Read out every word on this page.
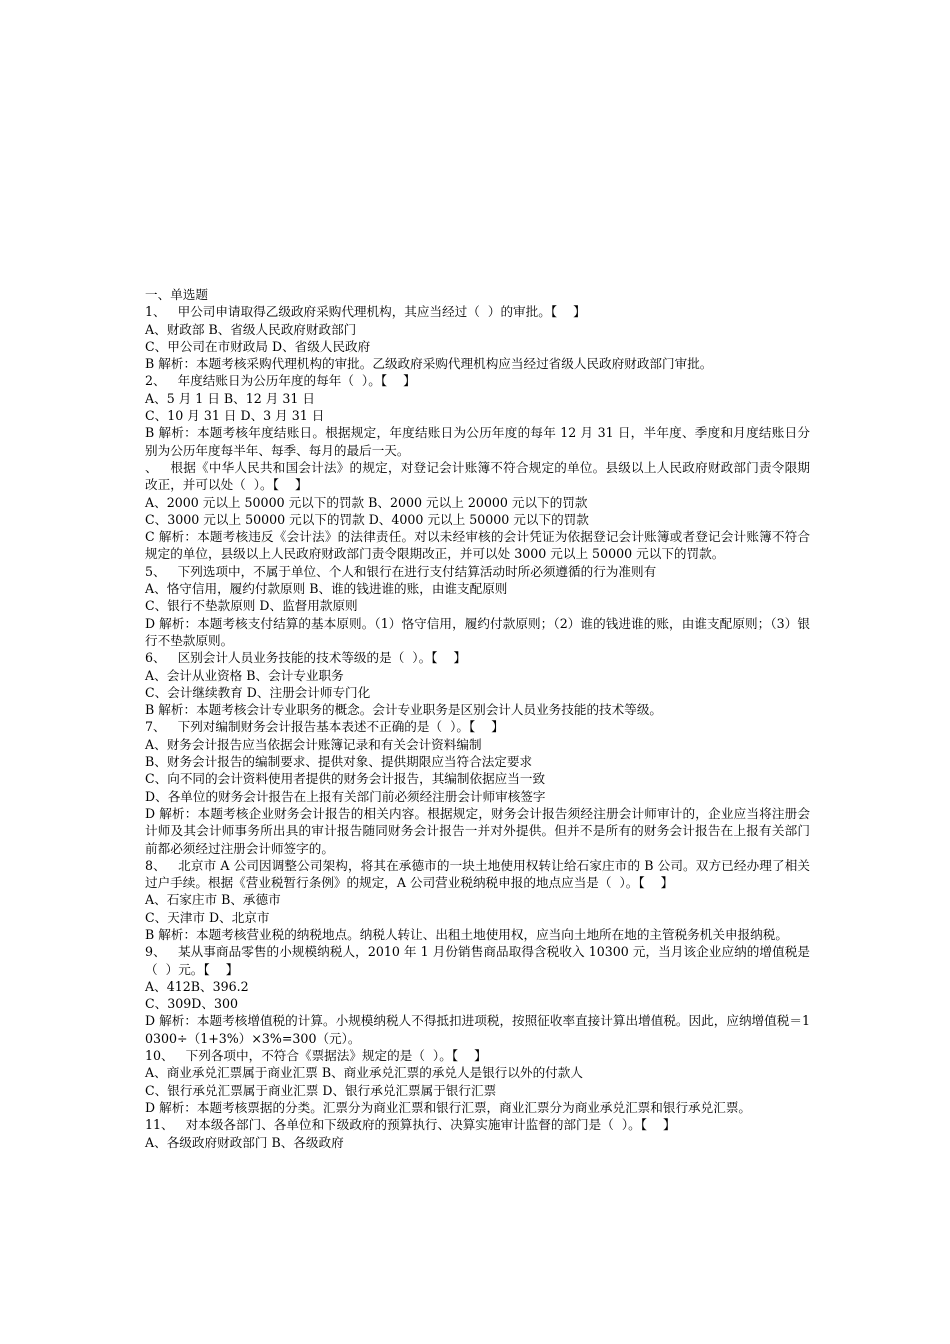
一、单选题

1、   甲公司申请取得乙级政府采购代理机构，其应当经过（  ）的审批。【    】

A、财政部 B、省级人民政府财政部门

C、甲公司在市财政局 D、省级人民政府

B 解析：本题考核采购代理机构的审批。乙级政府采购代理机构应当经过省级人民政府财政部门审批。

2、   年度结账日为公历年度的每年（  ）。【    】

A、5 月 1 日 B、12 月 31 日

C、10 月 31 日 D、3 月 31 日

B 解析：本题考核年度结账日。根据规定，年度结账日为公历年度的每年 12 月 31 日，半年度、季度和月度结账日分别为公历年度每半年、每季、每月的最后一天。

、   根据《中华人民共和国会计法》的规定，对登记会计账簿不符合规定的单位。县级以上人民政府财政部门责令限期改正，并可以处（  ）。【    】

A、2000 元以上 50000 元以下的罚款 B、2000 元以上 20000 元以下的罚款

C、3000 元以上 50000 元以下的罚款 D、4000 元以上 50000 元以下的罚款

C 解析：本题考核违反《会计法》的法律责任。对以未经审核的会计凭证为依据登记会计账簿或者登记会计账簿不符合规定的单位，县级以上人民政府财政部门责令限期改正，并可以处 3000 元以上 50000 元以下的罚款。

5、   下列选项中，不属于单位、个人和银行在进行支付结算活动时所必须遵循的行为准则有

A、恪守信用，履约付款原则 B、谁的钱进谁的账，由谁支配原则

C、银行不垫款原则 D、监督用款原则

D 解析：本题考核支付结算的基本原则。（1）恪守信用，履约付款原则；（2）谁的钱进谁的账，由谁支配原则；（3）银行不垫款原则。

6、   区别会计人员业务技能的技术等级的是（  ）。【    】

A、会计从业资格 B、会计专业职务

C、会计继续教育 D、注册会计师专门化

B 解析：本题考核会计专业职务的概念。会计专业职务是区别会计人员业务技能的技术等级。

7、   下列对编制财务会计报告基本表述不正确的是（  ）。【    】

A、财务会计报告应当依据会计账簿记录和有关会计资料编制

B、财务会计报告的编制要求、提供对象、提供期限应当符合法定要求

C、向不同的会计资料使用者提供的财务会计报告，其编制依据应当一致

D、各单位的财务会计报告在上报有关部门前必须经注册会计师审核签字

D 解析：本题考核企业财务会计报告的相关内容。根据规定，财务会计报告须经注册会计师审计的，企业应当将注册会计师及其会计师事务所出具的审计报告随同财务会计报告一并对外提供。但并不是所有的财务会计报告在上报有关部门前都必须经过注册会计师签字的。

8、   北京市 A 公司因调整公司架构，将其在承德市的一块土地使用权转让给石家庄市的 B 公司。双方已经办理了相关过户手续。根据《营业税暂行条例》的规定，A 公司营业税纳税申报的地点应当是（  ）。【    】

A、石家庄市 B、承德市

C、天津市 D、北京市

B 解析：本题考核营业税的纳税地点。纳税人转让、出租土地使用权，应当向土地所在地的主管税务机关申报纳税。

9、   某从事商品零售的小规模纳税人，2010 年 1 月份销售商品取得含税收入 10300 元，当月该企业应纳的增值税是（  ）元。【    】

A、412B、396.2

C、309D、300

D 解析：本题考核增值税的计算。小规模纳税人不得抵扣进项税，按照征收率直接计算出增值税。因此，应纳增值税＝10300÷（1+3%）×3%=300（元）。

10、   下列各项中，不符合《票据法》规定的是（  ）。【    】

A、商业承兑汇票属于商业汇票 B、商业承兑汇票的承兑人是银行以外的付款人

C、银行承兑汇票属于商业汇票 D、银行承兑汇票属于银行汇票

D 解析：本题考核票据的分类。汇票分为商业汇票和银行汇票，商业汇票分为商业承兑汇票和银行承兑汇票。

11、   对本级各部门、各单位和下级政府的预算执行、决算实施审计监督的部门是（  ）。【    】

A、各级政府财政部门 B、各级政府
